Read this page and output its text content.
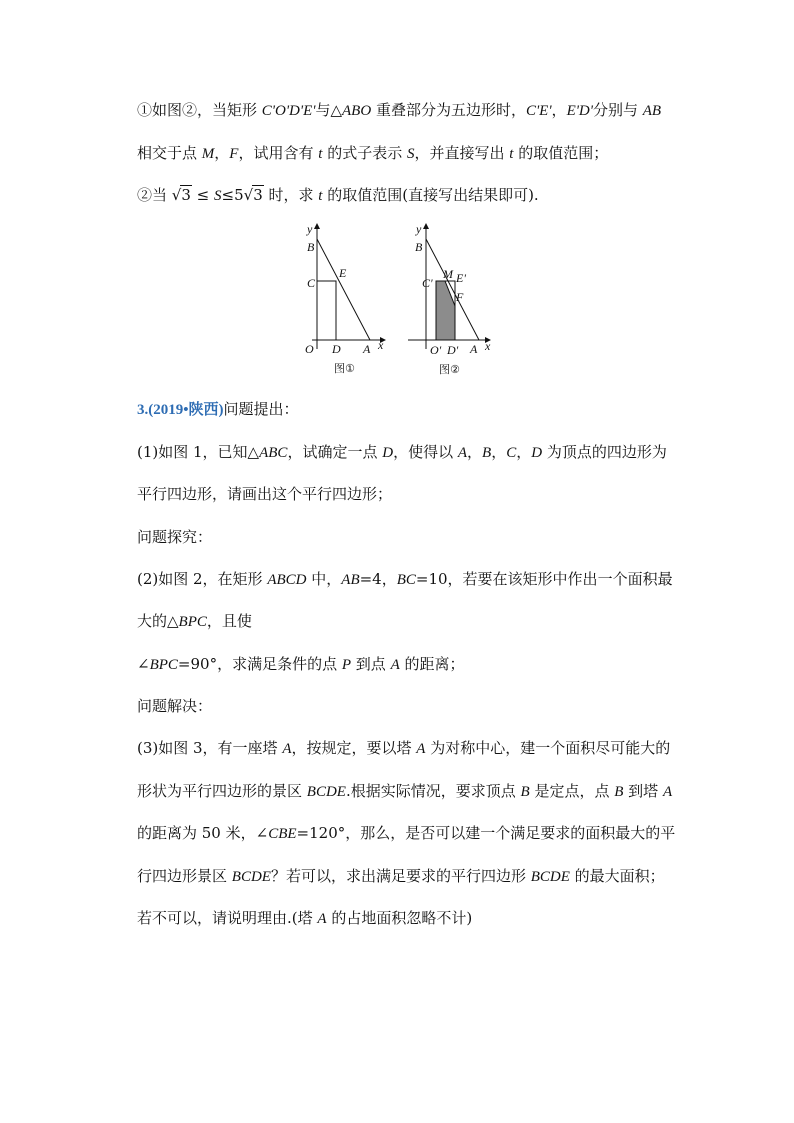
①如图②，当矩形 C'O'D'E'与△ABO 重叠部分为五边形时，C'E'，E'D'分别与 AB
相交于点 M，F，试用含有 t 的式子表示 S，并直接写出 t 的取值范围；
②当 √3 ≤ S≤5√3 时，求 t 的取值范围(直接写出结果即可).
y
B
C
E
O D A x
图①
y
B
C'
M E'
F
O' D' A x
图②
3.(2019•陕西)问题提出：
(1)如图 1，已知△ABC，试确定一点 D，使得以 A，B，C，D 为顶点的四边形为
平行四边形，请画出这个平行四边形；
问题探究：
(2)如图 2，在矩形 ABCD 中，AB=4，BC=10，若要在该矩形中作出一个面积最
大的△BPC，且使
∠BPC=90°，求满足条件的点 P 到点 A 的距离；
问题解决：
(3)如图 3，有一座塔 A，按规定，要以塔 A 为对称中心，建一个面积尽可能大的
形状为平行四边形的景区 BCDE.根据实际情况，要求顶点 B 是定点，点 B 到塔 A
的距离为 50 米，∠CBE=120°，那么，是否可以建一个满足要求的面积最大的平
行四边形景区 BCDE？若可以，求出满足要求的平行四边形 BCDE 的最大面积；
若不可以，请说明理由.(塔 A 的占地面积忽略不计)
